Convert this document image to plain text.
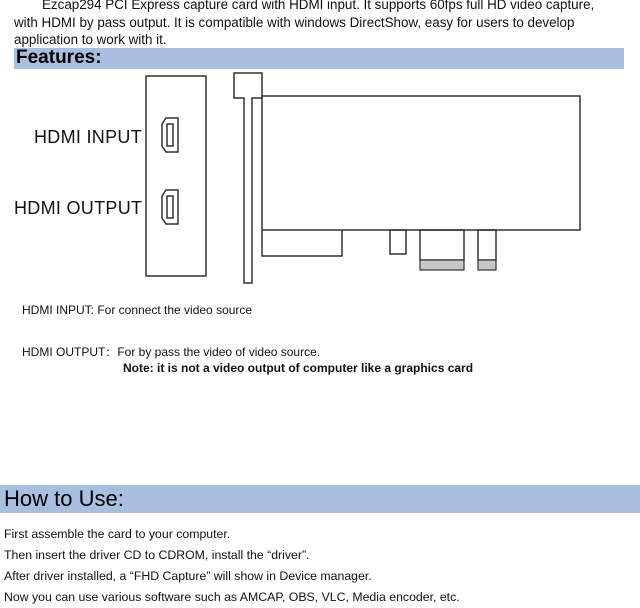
Ezcap294 PCI Express capture card with HDMI input. It supports 60fps full HD video capture,
with HDMI by pass output. It is compatible with windows DirectShow, easy for users to develop
application to work with it.
Features:
HDMI INPUT
HDMI OUTPUT
HDMI INPUT: For connect the video source
HDMI OUTPUT：For by pass the video of video source.
Note: it is not a video output of computer like a graphics card
How to Use:
First assemble the card to your computer.
Then insert the driver CD to CDROM, install the “driver”.
After driver installed, a “FHD Capture” will show in Device manager.
Now you can use various software such as AMCAP, OBS, VLC, Media encoder, etc.
